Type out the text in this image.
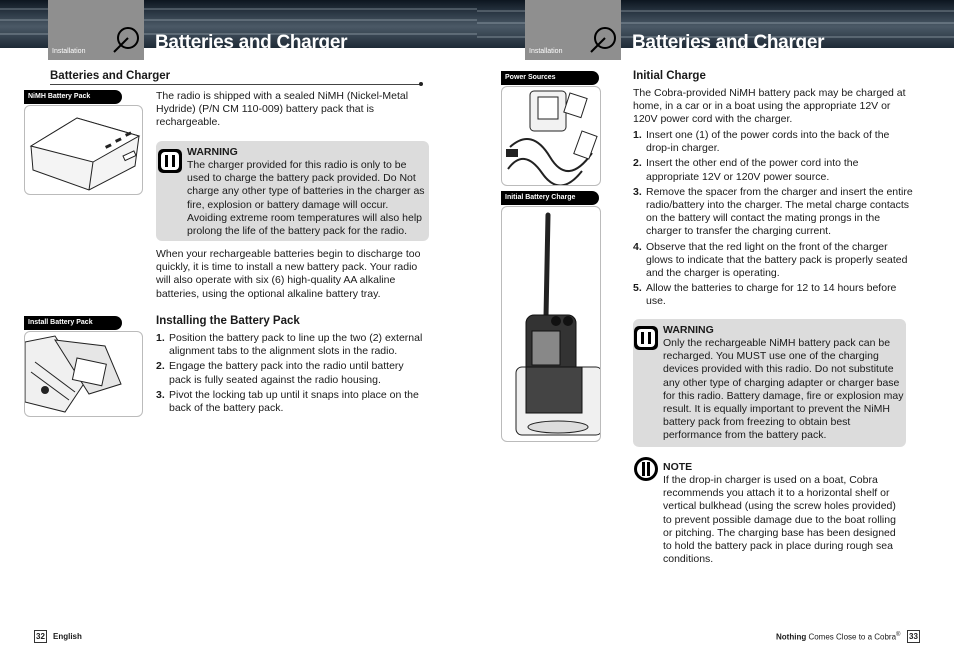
Installation	Installation
Batteries and Charger	Batteries and Charger
Batteries and Charger
NiMH Battery Pack	The radio is shipped with a sealed NiMH (Nickel-Metal Hydride) (P/N CM 110-009) battery pack that is rechargeable.

WARNING

The charger provided for this radio is only to be used to charge the battery pack provided. Do Not charge any other type of batteries in the charger as fire, explosion or battery damage will occur. Avoiding extreme room temperatures will also help prolong the life of the battery pack for the radio.

When your rechargeable batteries begin to discharge too quickly, it is time to install a new battery pack. Your radio will also operate with six (6) high-quality AA alkaline batteries, using the optional alkaline battery tray.

Install Battery Pack	Installing the Battery Pack
1. Position the battery pack to line up the two (2) external alignment tabs to the alignment slots in the radio.
2. Engage the battery pack into the radio until battery pack is fully seated against the radio housing.
3. Pivot the locking tab up until it snaps into place on the back of the battery pack.
32 English
Power Sources
Initial Battery Charge
Initial Charge

The Cobra-provided NiMH battery pack may be charged at home, in a car or in a boat using the appropriate 12V or 120V power cord with the charger.

1. Insert one (1) of the power cords into the back of the drop-in charger.
2. Insert the other end of the power cord into the appropriate 12V or 120V power source.
3. Remove the spacer from the charger and insert the entire radio/battery into the charger. The metal charge contacts on the battery will contact the mating prongs in the charger to transfer the charging current.
4. Observe that the red light on the front of the charger glows to indicate that the battery pack is properly seated and the charger is operating.
5. Allow the batteries to charge for 12 to 14 hours before use.
WARNING

Only the rechargeable NiMH battery pack can be recharged. You MUST use one of the charging devices provided with this radio. Do not substitute any other type of charging adapter or charger base for this radio. Battery damage, fire or explosion may result. It is equally important to prevent the NiMH battery pack from freezing to obtain best performance from the battery pack.

NOTE

If the drop-in charger is used on a boat, Cobra recommends you attach it to a horizontal shelf or vertical bulkhead (using the screw holes provided) to prevent possible damage due to the boat rolling or pitching. The charging base has been designed to hold the battery pack in place during rough sea conditions.

Nothing Comes Close to a Cobra® 33
